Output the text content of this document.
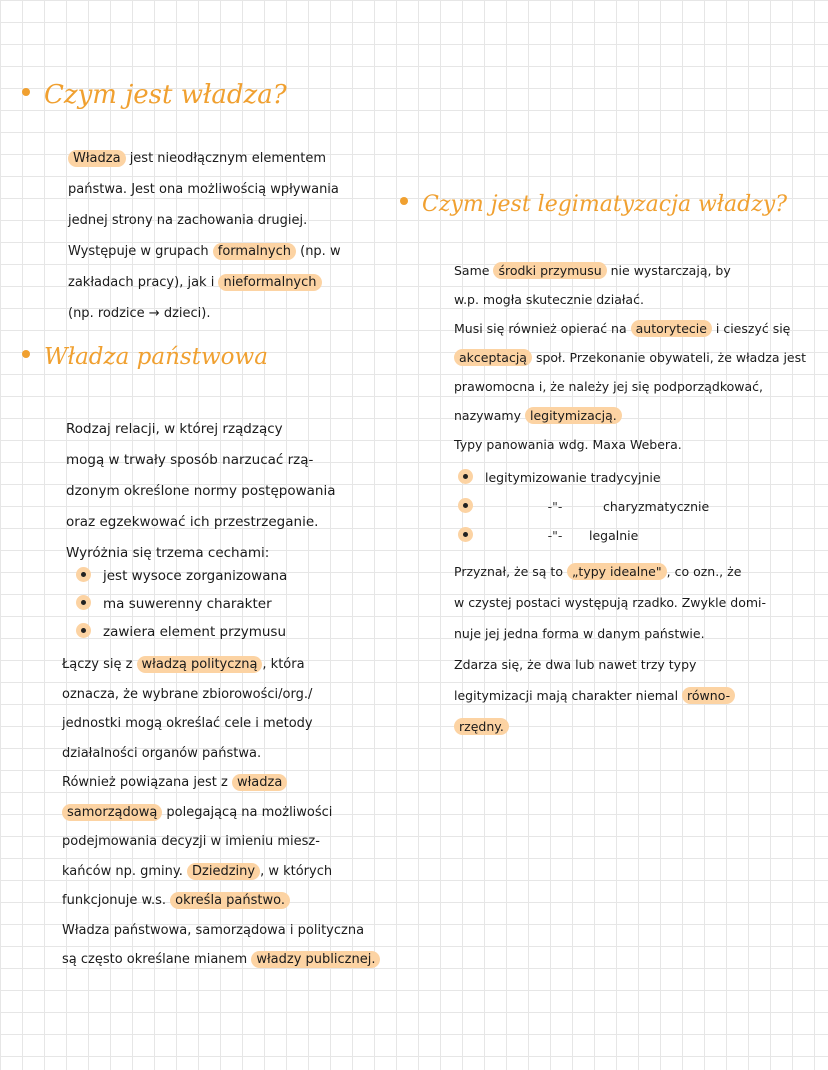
Czym jest władza?
Władza jest nieodłącznym elementem
państwa. Jest ona możliwością wpływania
jednej strony na zachowania drugiej.
Występuje w grupach formalnych (np. w
zakładach pracy), jak i nieformalnych
(np. rodzice → dzieci).
Władza państwowa
Rodzaj relacji, w której rządzący
mogą w trwały sposób narzucać rzą-
dzonym określone normy postępowania
oraz egzekwować ich przestrzeganie.
Wyróżnia się trzema cechami:
jest wysoce zorganizowana
ma suwerenny charakter
zawiera element przymusu
Łączy się z władzą polityczną , która
oznacza, że wybrane zbiorowości/org./
jednostki mogą określać cele i metody
działalności organów państwa.
Również powiązana jest z władza
samorządową polegającą na możliwości
podejmowania decyzji w imieniu miesz-
kańców np. gminy. Dziedziny , w których
funkcjonuje w.s. określa państwo.
Władza państwowa, samorządowa i polityczna
są często określane mianem władzy publicznej.
Czym jest legimatyzacja władzy?
Same środki przymusu nie wystarczają, by
w.p. mogła skutecznie działać.
Musi się również opierać na autorytecie i cieszyć się
akceptacją społ. Przekonanie obywateli, że władza jest
prawomocna i, że należy jej się podporządkować,
nazywamy legitymizacją.
Typy panowania wdg. Maxa Webera.
legitymizowanie tradycyjnie
-"-	charyzmatycznie
-"- legalnie
Przyznał, że są to „typy idealne" , co ozn., że
w czystej postaci występują rzadko. Zwykle domi-
nuje jej jedna forma w danym państwie.
Zdarza się, że dwa lub nawet trzy typy
legitymizacji mają charakter niemal równo-
rzędny.
